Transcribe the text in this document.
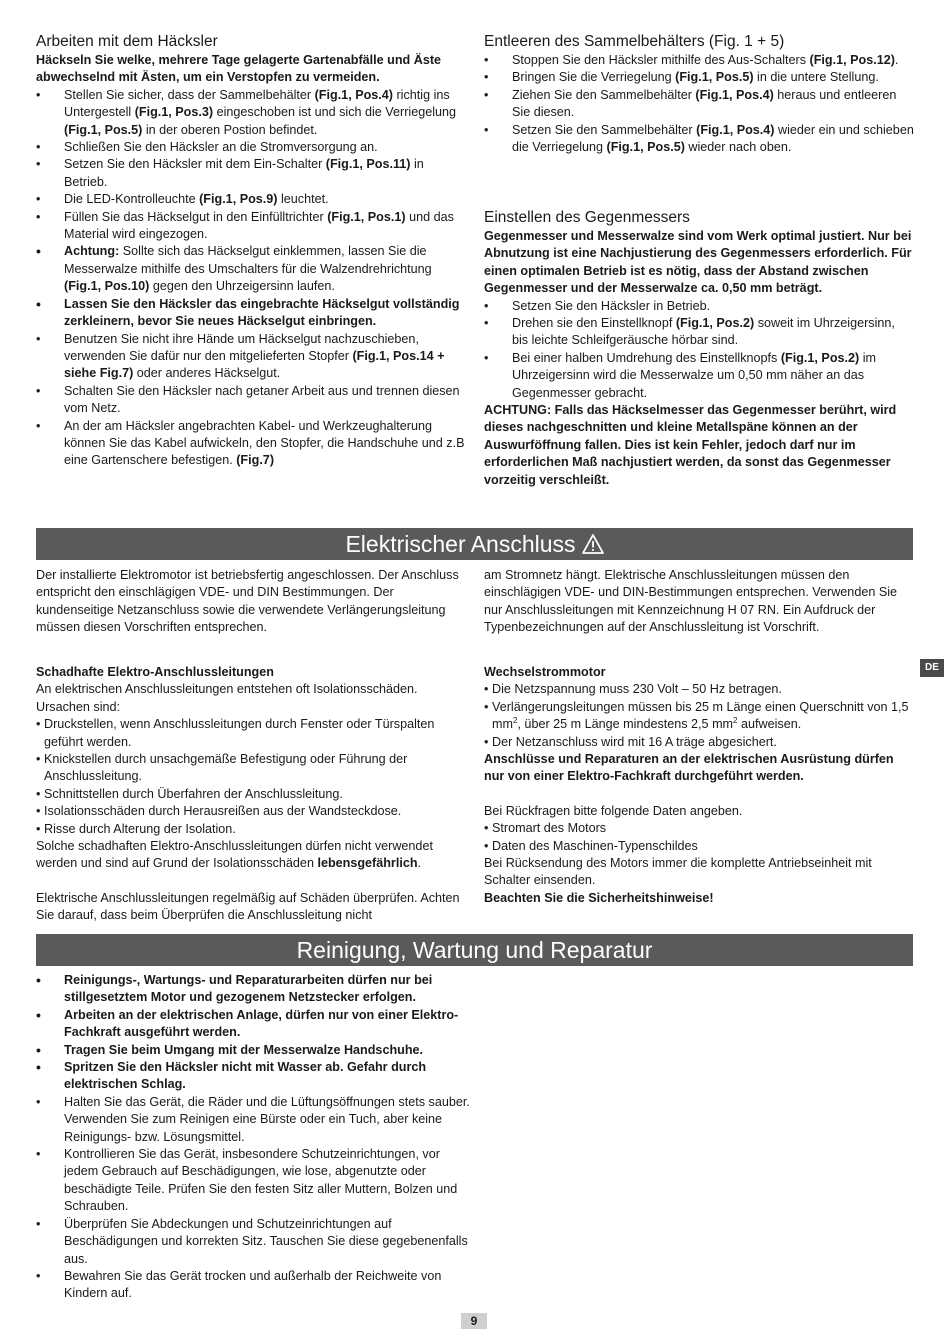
Arbeiten mit dem Häcksler

Häckseln Sie welke, mehrere Tage gelagerte Gartenabfälle und Äste abwechselnd mit Ästen, um ein Verstopfen zu vermeiden.

• Stellen Sie sicher, dass der Sammelbehälter (Fig.1, Pos.4) richtig ins Untergestell (Fig.1, Pos.3) eingeschoben ist und sich die Verriegelung (Fig.1, Pos.5) in der oberen Postion befindet.
• Schließen Sie den Häcksler an die Stromversorgung an.
• Setzen Sie den Häcksler mit dem Ein-Schalter (Fig.1, Pos.11) in Betrieb.
• Die LED-Kontrolleuchte (Fig.1, Pos.9) leuchtet.
• Füllen Sie das Häckselgut in den Einfülltrichter (Fig.1, Pos.1) und das Material wird eingezogen.
• Achtung: Sollte sich das Häckselgut einklemmen, lassen Sie die Messerwalze mithilfe des Umschalters für die Walzendrehrichtung (Fig.1, Pos.10) gegen den Uhrzeigersinn laufen.
• Lassen Sie den Häcksler das eingebrachte Häckselgut vollständig zerkleinern, bevor Sie neues Häckselgut einbringen.
• Benutzen Sie nicht ihre Hände um Häckselgut nachzuschieben, verwenden Sie dafür nur den mitgelieferten Stopfer (Fig.1, Pos.14 + siehe Fig.7) oder anderes Häckselgut.
• Schalten Sie den Häcksler nach getaner Arbeit aus und trennen diesen vom Netz.
• An der am Häcksler angebrachten Kabel- und Werkzeughalterung können Sie das Kabel aufwickeln, den Stopfer, die Handschuhe und z.B eine Gartenschere befestigen. (Fig.7)
Entleeren des Sammelbehälters (Fig. 1 + 5)
• Stoppen Sie den Häcksler mithilfe des Aus-Schalters (Fig.1, Pos.12).
• Bringen Sie die Verriegelung (Fig.1, Pos.5) in die untere Stellung.
• Ziehen Sie den Sammelbehälter (Fig.1, Pos.4) heraus und entleeren Sie diesen.
• Setzen Sie den Sammelbehälter (Fig.1, Pos.4) wieder ein und schieben die Verriegelung (Fig.1, Pos.5) wieder nach oben.
Einstellen des Gegenmessers

Gegenmesser und Messerwalze sind vom Werk optimal justiert. Nur bei Abnutzung ist eine Nachjustierung des Gegenmessers erforderlich. Für einen optimalen Betrieb ist es nötig, dass der Abstand zwischen Gegenmesser und der Messerwalze ca. 0,50 mm beträgt.

• Setzen Sie den Häcksler in Betrieb.
• Drehen sie den Einstellknopf (Fig.1, Pos.2) soweit im Uhrzeigersinn, bis leichte Schleifgeräusche hörbar sind.
• Bei einer halben Umdrehung des Einstellknopfs (Fig.1, Pos.2) im Uhrzeigersinn wird die Messerwalze um 0,50 mm näher an das Gegenmesser gebracht.

ACHTUNG: Falls das Häckselmesser das Gegenmesser berührt, wird dieses nachgeschnitten und kleine Metallspäne können an der Auswurföffnung fallen. Dies ist kein Fehler, jedoch darf nur im erforderlichen Maß nachjustiert werden, da sonst das Gegenmesser vorzeitig verschleißt.

Elektrischer Anschluss

Der installierte Elektromotor ist betriebsfertig angeschlossen. Der Anschluss entspricht den einschlägigen VDE- und DIN Bestimmungen. Der kundenseitige Netzanschluss sowie die verwendete Verlängerungsleitung müssen diesen Vorschriften entsprechen.

am Stromnetz hängt. Elektrische Anschlussleitungen müssen den einschlägigen VDE- und DIN-Bestimmungen entsprechen. Verwenden Sie nur Anschlussleitungen mit Kennzeichnung H 07 RN. Ein Aufdruck der Typenbezeichnungen auf der Anschlussleitung ist Vorschrift.

Schadhafte Elektro-Anschlussleitungen

An elektrischen Anschlussleitungen entstehen oft Isolationsschäden. Ursachen sind:

• Druckstellen, wenn Anschlussleitungen durch Fenster oder Türspalten geführt werden.
• Knickstellen durch unsachgemäße Befestigung oder Führung der Anschlussleitung.
• Schnittstellen durch Überfahren der Anschlussleitung.
• Isolationsschäden durch Herausreißen aus der Wandsteckdose.
• Risse durch Alterung der Isolation.

Solche schadhaften Elektro-Anschlussleitungen dürfen nicht verwendet werden und sind auf Grund der Isolationsschäden lebensgefährlich.

Elektrische Anschlussleitungen regelmäßig auf Schäden überprüfen. Achten Sie darauf, dass beim Überprüfen die Anschlussleitung nicht

Wechselstrommotor
• Die Netzspannung muss 230 Volt – 50 Hz betragen.
• Verlängerungsleitungen müssen bis 25 m Länge einen Querschnitt von 1,5 $mm^2$, über 25 m Länge mindestens 2,5 $mm^2$ aufweisen.
• Der Netzanschluss wird mit 16 A träge abgesichert.

Anschlüsse und Reparaturen an der elektrischen Ausrüstung dürfen nur von einer Elektro-Fachkraft durchgeführt werden.

Bei Rückfragen bitte folgende Daten angeben.

• Stromart des Motors
• Daten des Maschinen-Typenschildes

Bei Rücksendung des Motors immer die komplette Antriebseinheit mit Schalter einsenden.

Beachten Sie die Sicherheitshinweise!

DE
Reinigung, Wartung und Reparatur
• Reinigungs-, Wartungs- und Reparaturarbeiten dürfen nur bei stillgesetztem Motor und gezogenem Netzstecker erfolgen.
• Arbeiten an der elektrischen Anlage, dürfen nur von einer Elektro-Fachkraft ausgeführt werden.
• Tragen Sie beim Umgang mit der Messerwalze Handschuhe.
• Spritzen Sie den Häcksler nicht mit Wasser ab. Gefahr durch elektrischen Schlag.
• Halten Sie das Gerät, die Räder und die Lüftungsöffnungen stets sauber. Verwenden Sie zum Reinigen eine Bürste oder ein Tuch, aber keine Reinigungs- bzw. Lösungsmittel.
• Kontrollieren Sie das Gerät, insbesondere Schutzeinrichtungen, vor jedem Gebrauch auf Beschädigungen, wie lose, abgenutzte oder beschädigte Teile. Prüfen Sie den festen Sitz aller Muttern, Bolzen und Schrauben.
• Überprüfen Sie Abdeckungen und Schutzeinrichtungen auf Beschädigungen und korrekten Sitz. Tauschen Sie diese gegebenenfalls aus.
• Bewahren Sie das Gerät trocken und außerhalb der Reichweite von Kindern auf.
9
